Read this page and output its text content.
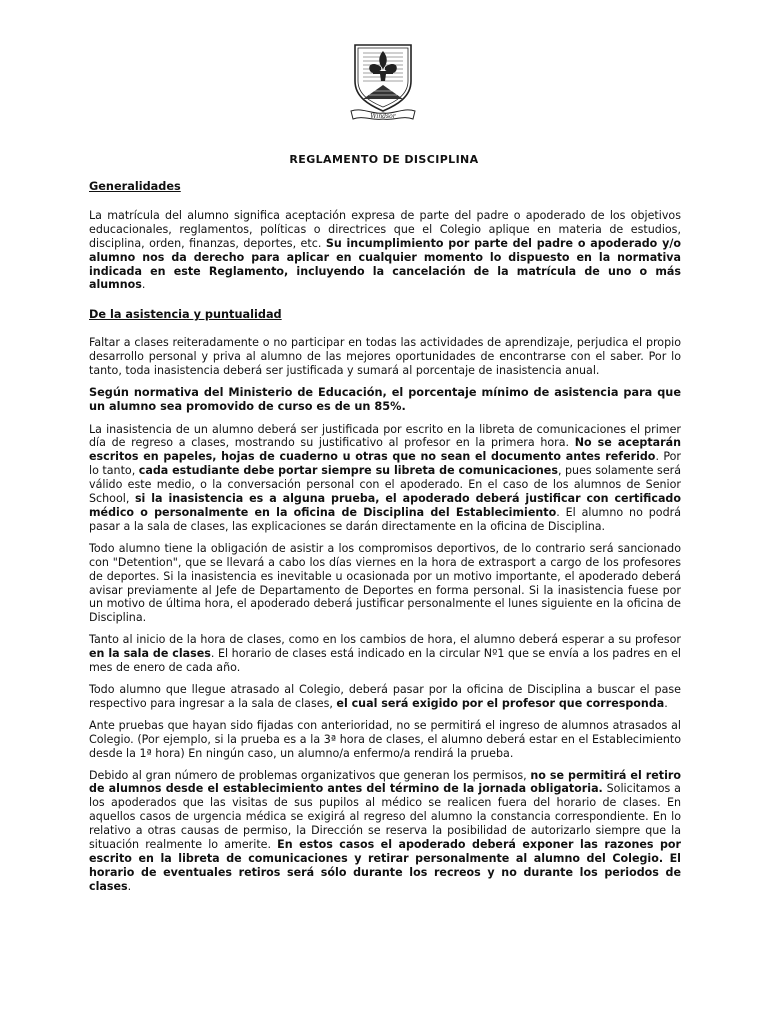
Windsor
REGLAMENTO DE DISCIPLINA
Generalidades

La matrícula del alumno significa aceptación expresa de parte del padre o apoderado de los objetivos educacionales, reglamentos, políticas o directrices que el Colegio aplique en materia de estudios, disciplina, orden, finanzas, deportes, etc. Su incumplimiento por parte del padre o apoderado y/o alumno nos da derecho para aplicar en cualquier momento lo dispuesto en la normativa indicada en este Reglamento, incluyendo la cancelación de la matrícula de uno o más alumnos.

De la asistencia y puntualidad

Faltar a clases reiteradamente o no participar en todas las actividades de aprendizaje, perjudica el propio desarrollo personal y priva al alumno de las mejores oportunidades de encontrarse con el saber. Por lo tanto, toda inasistencia deberá ser justificada y sumará al porcentaje de inasistencia anual.

Según normativa del Ministerio de Educación, el porcentaje mínimo de asistencia para que un alumno sea promovido de curso es de un 85%.

La inasistencia de un alumno deberá ser justificada por escrito en la libreta de comunicaciones el primer día de regreso a clases, mostrando su justificativo al profesor en la primera hora. No se aceptarán escritos en papeles, hojas de cuaderno u otras que no sean el documento antes referido. Por lo tanto, cada estudiante debe portar siempre su libreta de comunicaciones, pues solamente será válido este medio, o la conversación personal con el apoderado. En el caso de los alumnos de Senior School, si la inasistencia es a alguna prueba, el apoderado deberá justificar con certificado médico o personalmente en la oficina de Disciplina del Establecimiento. El alumno no podrá pasar a la sala de clases, las explicaciones se darán directamente en la oficina de Disciplina.

Todo alumno tiene la obligación de asistir a los compromisos deportivos, de lo contrario será sancionado con "Detention", que se llevará a cabo los días viernes en la hora de extrasport a cargo de los profesores de deportes. Si la inasistencia es inevitable u ocasionada por un motivo importante, el apoderado deberá avisar previamente al Jefe de Departamento de Deportes en forma personal. Si la inasistencia fuese por un motivo de última hora, el apoderado deberá justificar personalmente el lunes siguiente en la oficina de Disciplina.

Tanto al inicio de la hora de clases, como en los cambios de hora, el alumno deberá esperar a su profesor en la sala de clases. El horario de clases está indicado en la circular Nº1 que se envía a los padres en el mes de enero de cada año.

Todo alumno que llegue atrasado al Colegio, deberá pasar por la oficina de Disciplina a buscar el pase respectivo para ingresar a la sala de clases, el cual será exigido por el profesor que corresponda.

Ante pruebas que hayan sido fijadas con anterioridad, no se permitirá el ingreso de alumnos atrasados al Colegio. (Por ejemplo, si la prueba es a la 3ª hora de clases, el alumno deberá estar en el Establecimiento desde la 1ª hora) En ningún caso, un alumno/a enfermo/a rendirá la prueba.

Debido al gran número de problemas organizativos que generan los permisos, no se permitirá el retiro de alumnos desde el establecimiento antes del término de la jornada obligatoria. Solicitamos a los apoderados que las visitas de sus pupilos al médico se realicen fuera del horario de clases. En aquellos casos de urgencia médica se exigirá al regreso del alumno la constancia correspondiente. En lo relativo a otras causas de permiso, la Dirección se reserva la posibilidad de autorizarlo siempre que la situación realmente lo amerite. En estos casos el apoderado deberá exponer las razones por escrito en la libreta de comunicaciones y retirar personalmente al alumno del Colegio. El horario de eventuales retiros será sólo durante los recreos y no durante los periodos de clases.
